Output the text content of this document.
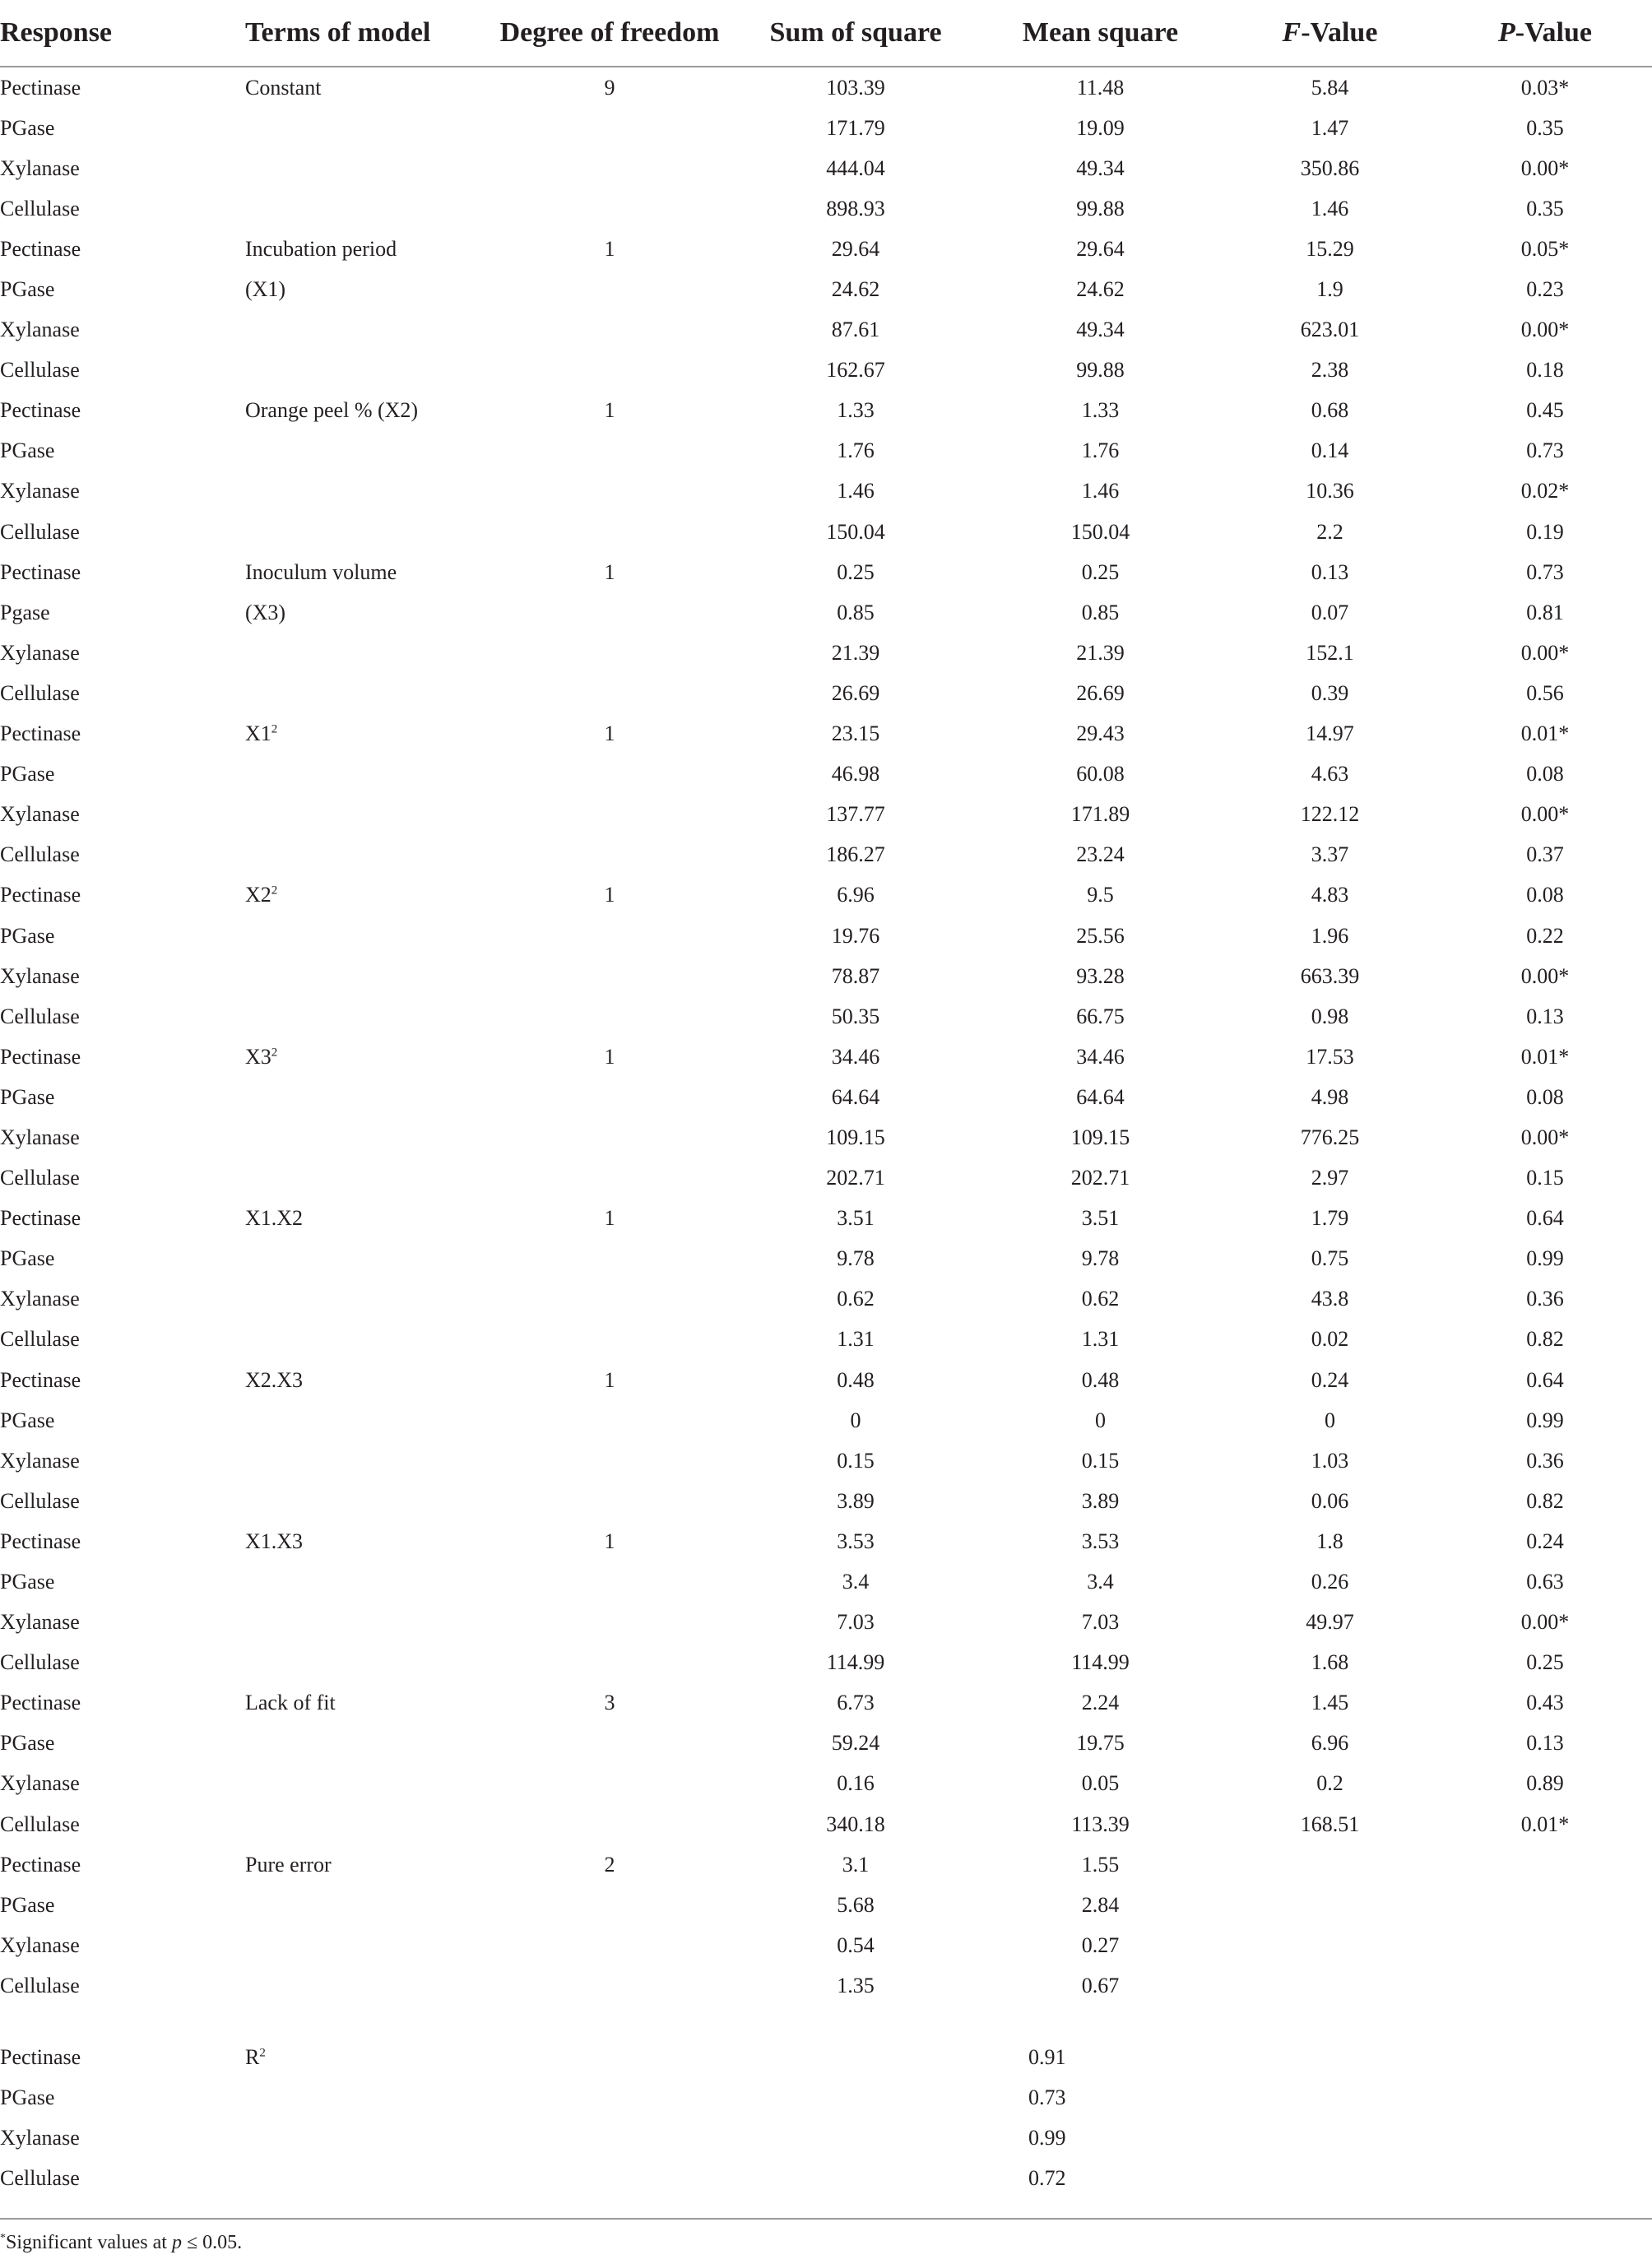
Response	Terms of model	Degree of freedom	Sum of square	Mean square	F-Value	P-Value
Pectinase	Constant	9	103.39	11.48	5.84	0.03*
PGase			171.79	19.09	1.47	0.35
Xylanase			444.04	49.34	350.86	0.00*
Cellulase			898.93	99.88	1.46	0.35
Pectinase	Incubation period	1	29.64	29.64	15.29	0.05*
PGase	(X1)		24.62	24.62	1.9	0.23
Xylanase			87.61	49.34	623.01	0.00*
Cellulase			162.67	99.88	2.38	0.18
Pectinase	Orange peel % (X2)	1	1.33	1.33	0.68	0.45
PGase			1.76	1.76	0.14	0.73
Xylanase			1.46	1.46	10.36	0.02*
Cellulase			150.04	150.04	2.2	0.19
Pectinase	Inoculum volume	1	0.25	0.25	0.13	0.73
Pgase	(X3)		0.85	0.85	0.07	0.81
Xylanase			21.39	21.39	152.1	0.00*
Cellulase			26.69	26.69	0.39	0.56
Pectinase	$X1^2$	1	23.15	29.43	14.97	0.01*
PGase			46.98	60.08	4.63	0.08
Xylanase			137.77	171.89	122.12	0.00*
Cellulase			186.27	23.24	3.37	0.37
Pectinase	$X2^2$	1	6.96	9.5	4.83	0.08
PGase			19.76	25.56	1.96	0.22
Xylanase			78.87	93.28	663.39	0.00*
Cellulase			50.35	66.75	0.98	0.13
Pectinase	$X3^2$	1	34.46	34.46	17.53	0.01*
PGase			64.64	64.64	4.98	0.08
Xylanase			109.15	109.15	776.25	0.00*
Cellulase			202.71	202.71	2.97	0.15
Pectinase	X1.X2	1	3.51	3.51	1.79	0.64
PGase			9.78	9.78	0.75	0.99
Xylanase			0.62	0.62	43.8	0.36
Cellulase			1.31	1.31	0.02	0.82
Pectinase	X2.X3	1	0.48	0.48	0.24	0.64
PGase			0	0	0	0.99
Xylanase			0.15	0.15	1.03	0.36
Cellulase			3.89	3.89	0.06	0.82
Pectinase	X1.X3	1	3.53	3.53	1.8	0.24
PGase			3.4	3.4	0.26	0.63
Xylanase			7.03	7.03	49.97	0.00*
Cellulase			114.99	114.99	1.68	0.25
Pectinase	Lack of fit	3	6.73	2.24	1.45	0.43
PGase			59.24	19.75	6.96	0.13
Xylanase			0.16	0.05	0.2	0.89
Cellulase			340.18	113.39	168.51	0.01*
Pectinase	Pure error	2	3.1	1.55		
PGase			5.68	2.84		
Xylanase			0.54	0.27		
Cellulase			1.35	0.67		

Pectinase	$R^2$			0.91		
PGase				0.73		
Xylanase				0.99		
Cellulase				0.72		
*Significant values at p ≤ 0.05.
